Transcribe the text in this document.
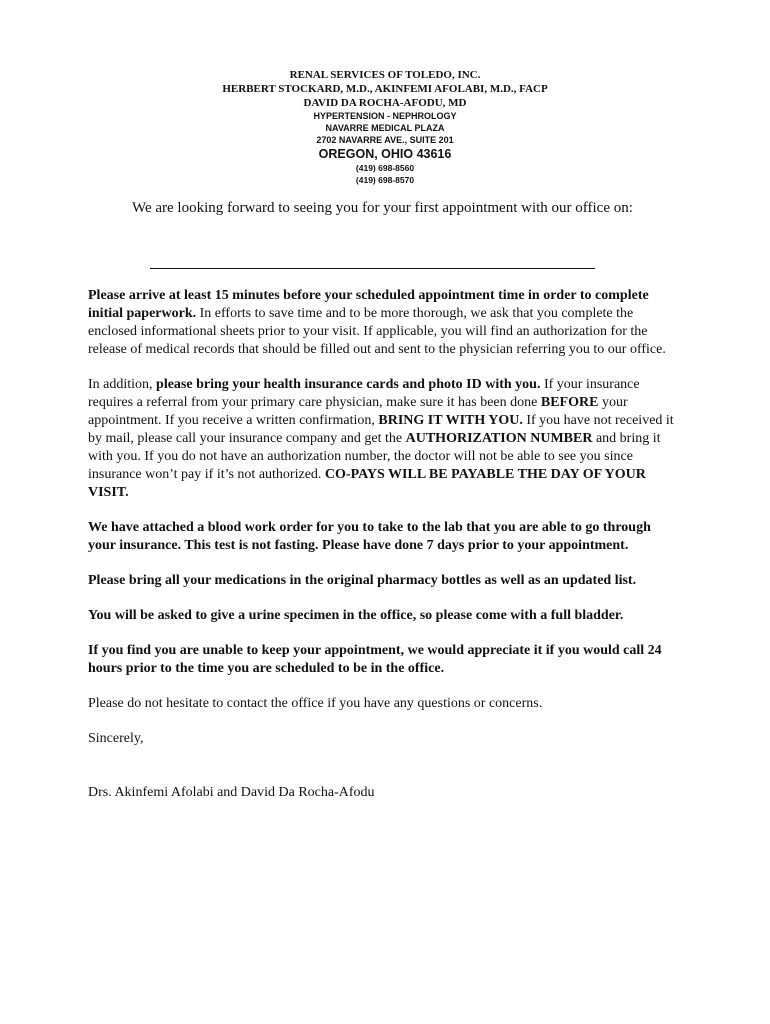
RENAL SERVICES OF TOLEDO, INC.
HERBERT STOCKARD, M.D., AKINFEMI AFOLABI, M.D., FACP
DAVID DA ROCHA-AFODU, MD
HYPERTENSION - NEPHROLOGY
NAVARRE MEDICAL PLAZA
2702 NAVARRE AVE., SUITE 201
OREGON, OHIO 43616
(419) 698-8560
(419) 698-8570
We are looking forward to seeing you for your first appointment with our office on:

Please arrive at least 15 minutes before your scheduled appointment time in order to complete initial paperwork. In efforts to save time and to be more thorough, we ask that you complete the enclosed informational sheets prior to your visit. If applicable, you will find an authorization for the release of medical records that should be filled out and sent to the physician referring you to our office.

In addition, please bring your health insurance cards and photo ID with you. If your insurance requires a referral from your primary care physician, make sure it has been done BEFORE your appointment. If you receive a written confirmation, BRING IT WITH YOU. If you have not received it by mail, please call your insurance company and get the AUTHORIZATION NUMBER and bring it with you. If you do not have an authorization number, the doctor will not be able to see you since insurance won’t pay if it’s not authorized. CO-PAYS WILL BE PAYABLE THE DAY OF YOUR VISIT.

We have attached a blood work order for you to take to the lab that you are able to go through your insurance. This test is not fasting. Please have done 7 days prior to your appointment.

Please bring all your medications in the original pharmacy bottles as well as an updated list.

You will be asked to give a urine specimen in the office, so please come with a full bladder.

If you find you are unable to keep your appointment, we would appreciate it if you would call 24 hours prior to the time you are scheduled to be in the office.

Please do not hesitate to contact the office if you have any questions or concerns.

Sincerely,

Drs. Akinfemi Afolabi and David Da Rocha-Afodu
